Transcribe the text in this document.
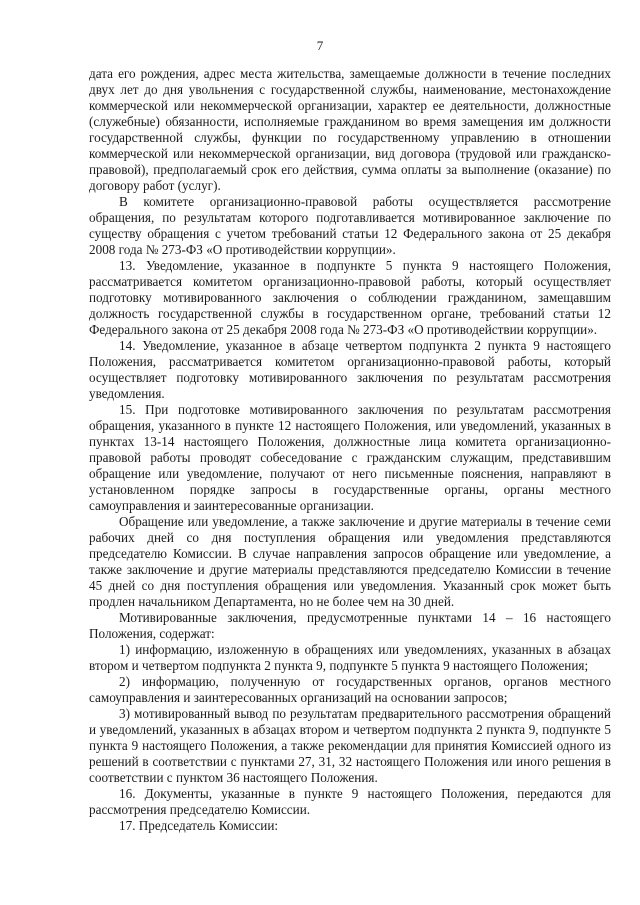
7

дата его рождения, адрес места жительства, замещаемые должности в течение последних двух лет до дня увольнения с государственной службы, наименование, местонахождение коммерческой или некоммерческой организации, характер ее деятельности, должностные (служебные) обязанности, исполняемые гражданином во время замещения им должности государственной службы, функции по государственному управлению в отношении коммерческой или некоммерческой организации, вид договора (трудовой или гражданско-правовой), предполагаемый срок его действия, сумма оплаты за выполнение (оказание) по договору работ (услуг).

В комитете организационно-правовой работы осуществляется рассмотрение обращения, по результатам которого подготавливается мотивированное заключение по существу обращения с учетом требований статьи 12 Федерального закона от 25 декабря 2008 года № 273-ФЗ «О противодействии коррупции».

13. Уведомление, указанное в подпункте 5 пункта 9 настоящего Положения, рассматривается комитетом организационно-правовой работы, который осуществляет подготовку мотивированного заключения о соблюдении гражданином, замещавшим должность государственной службы в государственном органе, требований статьи 12 Федерального закона от 25 декабря 2008 года № 273-ФЗ «О противодействии коррупции».

14. Уведомление, указанное в абзаце четвертом подпункта 2 пункта 9 настоящего Положения, рассматривается комитетом организационно-правовой работы, который осуществляет подготовку мотивированного заключения по результатам рассмотрения уведомления.

15. При подготовке мотивированного заключения по результатам рассмотрения обращения, указанного в пункте 12 настоящего Положения, или уведомлений, указанных в пунктах 13-14 настоящего Положения, должностные лица комитета организационно-правовой работы проводят собеседование с гражданским служащим, представившим обращение или уведомление, получают от него письменные пояснения, направляют в установленном порядке запросы в государственные органы, органы местного самоуправления и заинтересованные организации.

Обращение или уведомление, а также заключение и другие материалы в течение семи рабочих дней со дня поступления обращения или уведомления представляются председателю Комиссии. В случае направления запросов обращение или уведомление, а также заключение и другие материалы представляются председателю Комиссии в течение 45 дней со дня поступления обращения или уведомления. Указанный срок может быть продлен начальником Департамента, но не более чем на 30 дней.

Мотивированные заключения, предусмотренные пунктами 14 – 16 настоящего Положения, содержат:

1) информацию, изложенную в обращениях или уведомлениях, указанных в абзацах втором и четвертом подпункта 2 пункта 9, подпункте 5 пункта 9 настоящего Положения;

2) информацию, полученную от государственных органов, органов местного самоуправления и заинтересованных организаций на основании запросов;

3) мотивированный вывод по результатам предварительного рассмотрения обращений и уведомлений, указанных в абзацах втором и четвертом подпункта 2 пункта 9, подпункте 5 пункта 9 настоящего Положения, а также рекомендации для принятия Комиссией одного из решений в соответствии с пунктами 27, 31, 32 настоящего Положения или иного решения в соответствии с пунктом 36 настоящего Положения.

16. Документы, указанные в пункте 9 настоящего Положения, передаются для рассмотрения председателю Комиссии.

17. Председатель Комиссии:
